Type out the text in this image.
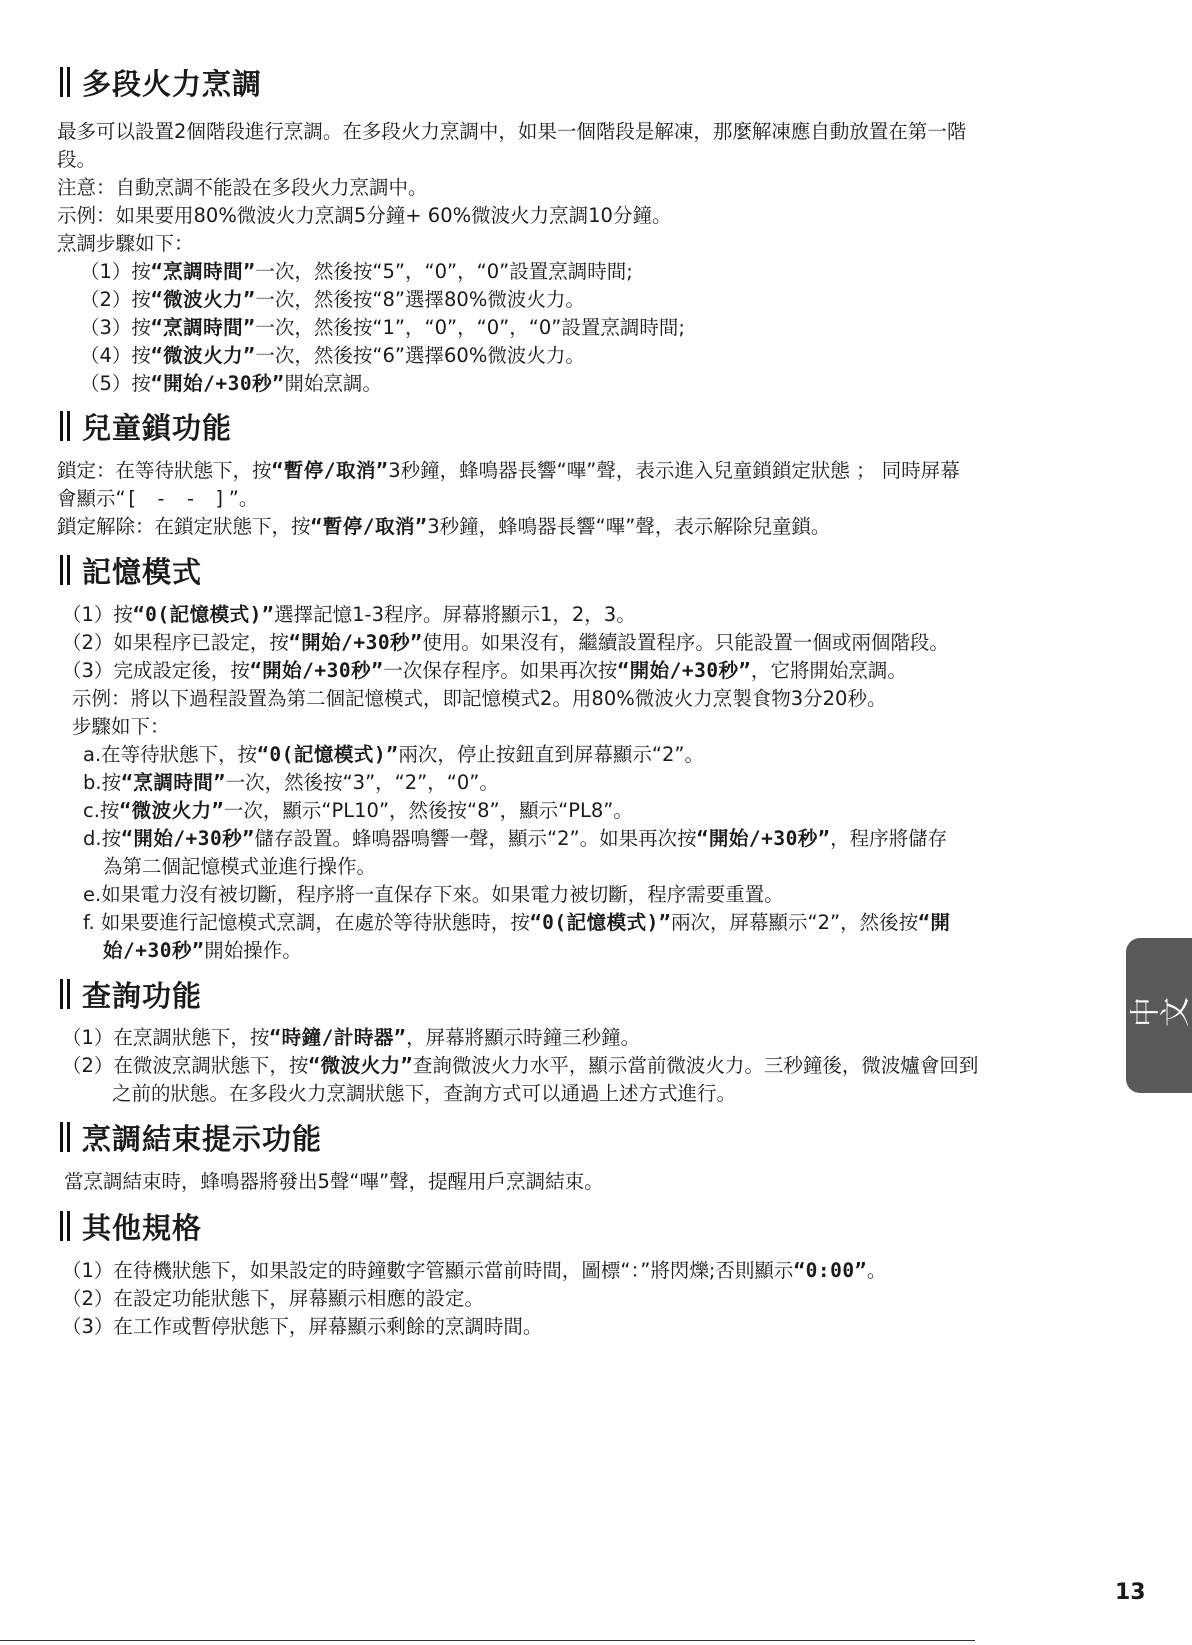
多段火力烹調
最多可以設置2個階段進行烹調。在多段火力烹調中，如果一個階段是解凍，那麼解凍應自動放置在第一階
段。
注意：自動烹調不能設在多段火力烹調中。
示例：如果要用80%微波火力烹調5分鐘+ 60%微波火力烹調10分鐘。
烹調步驟如下：
（1）按“烹調時間”一次，然後按“5”，“0”，“0”設置烹調時間;
（2）按“微波火力”一次，然後按“8”選擇80%微波火力。
（3）按“烹調時間”一次，然後按“1”，“0”，“0”，“0”設置烹調時間;
（4）按“微波火力”一次，然後按“6”選擇60%微波火力。
（5）按“開始/+30秒”開始烹調。
兒童鎖功能
鎖定：在等待狀態下，按“暫停/取消”3秒鐘，蜂鳴器長響“嗶”聲，表示進入兒童鎖鎖定狀態 ； 同時屏幕
會顯示“[ - - ]”。
鎖定解除：在鎖定狀態下，按“暫停/取消”3秒鐘，蜂鳴器長響“嗶”聲，表示解除兒童鎖。
記憶模式
（1）按“0(記憶模式)”選擇記憶1-3程序。屏幕將顯示1，2，3。
（2）如果程序已設定，按“開始/+30秒”使用。如果沒有，繼續設置程序。只能設置一個或兩個階段。
（3）完成設定後，按“開始/+30秒”一次保存程序。如果再次按“開始/+30秒”，它將開始烹調。
示例：將以下過程設置為第二個記憶模式，即記憶模式2。用80%微波火力烹製食物3分20秒。
步驟如下：
a.在等待狀態下，按“0(記憶模式)”兩次，停止按鈕直到屏幕顯示“2”。
b.按“烹調時間”一次，然後按“3”，“2”，“0”。
c.按“微波火力”一次，顯示“PL10”，然後按“8”，顯示“PL8”。
d.按“開始/+30秒”儲存設置。蜂鳴器鳴響一聲，顯示“2”。如果再次按“開始/+30秒”，程序將儲存
為第二個記憶模式並進行操作。
e.如果電力沒有被切斷，程序將一直保存下來。如果電力被切斷，程序需要重置。
f. 如果要進行記憶模式烹調，在處於等待狀態時，按“0(記憶模式)”兩次，屏幕顯示“2”，然後按“開
始/+30秒”開始操作。
查詢功能
（1）在烹調狀態下，按“時鐘/計時器”，屏幕將顯示時鐘三秒鐘。
（2）在微波烹調狀態下，按“微波火力”查詢微波火力水平，顯示當前微波火力。三秒鐘後，微波爐會回到
之前的狀態。在多段火力烹調狀態下，查詢方式可以通過上述方式進行。
烹調結束提示功能
當烹調結束時，蜂鳴器將發出5聲“嗶”聲，提醒用戶烹調結束。
其他規格
（1）在待機狀態下，如果設定的時鐘數字管顯示當前時間，圖標“：”將閃爍;否則顯示“0:00”。
（2）在設定功能狀態下，屏幕顯示相應的設定。
（3）在工作或暫停狀態下，屏幕顯示剩餘的烹調時間。
中文
13
